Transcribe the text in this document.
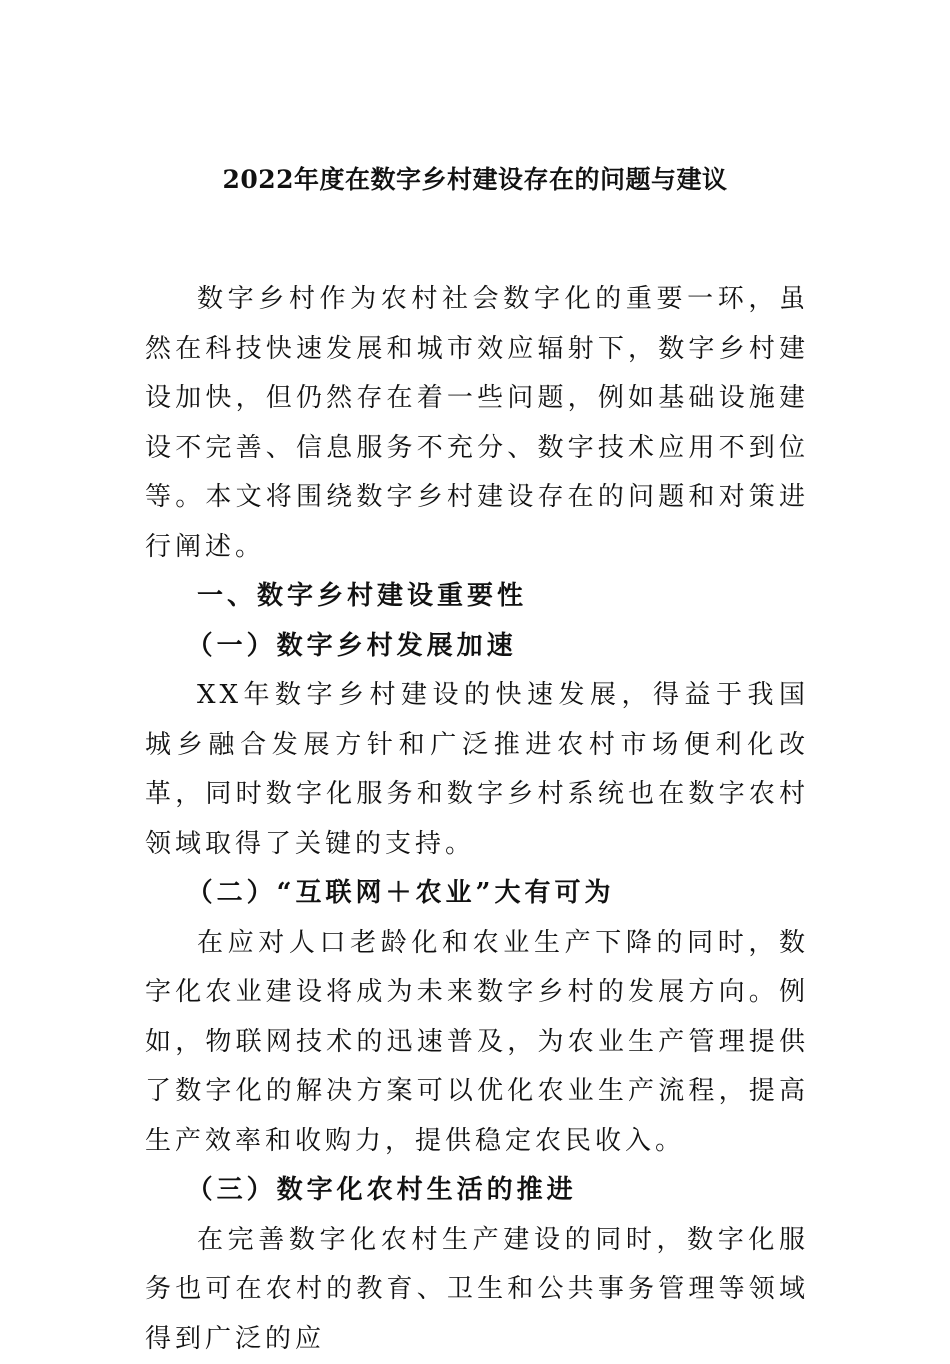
2022年度在数字乡村建设存在的问题与建议

数字乡村作为农村社会数字化的重要一环，虽然在科技快速发展和城市效应辐射下，数字乡村建设加快，但仍然存在着一些问题，例如基础设施建设不完善、信息服务不充分、数字技术应用不到位等。本文将围绕数字乡村建设存在的问题和对策进行阐述。

一、数字乡村建设重要性

（一）数字乡村发展加速

XX年数字乡村建设的快速发展，得益于我国城乡融合发展方针和广泛推进农村市场便利化改革，同时数字化服务和数字乡村系统也在数字农村领域取得了关键的支持。

（二）“互联网＋农业”大有可为

在应对人口老龄化和农业生产下降的同时，数字化农业建设将成为未来数字乡村的发展方向。例如，物联网技术的迅速普及，为农业生产管理提供了数字化的解决方案可以优化农业生产流程，提高生产效率和收购力，提供稳定农民收入。

（三）数字化农村生活的推进

在完善数字化农村生产建设的同时，数字化服务也可在农村的教育、卫生和公共事务管理等领域得到广泛的应
